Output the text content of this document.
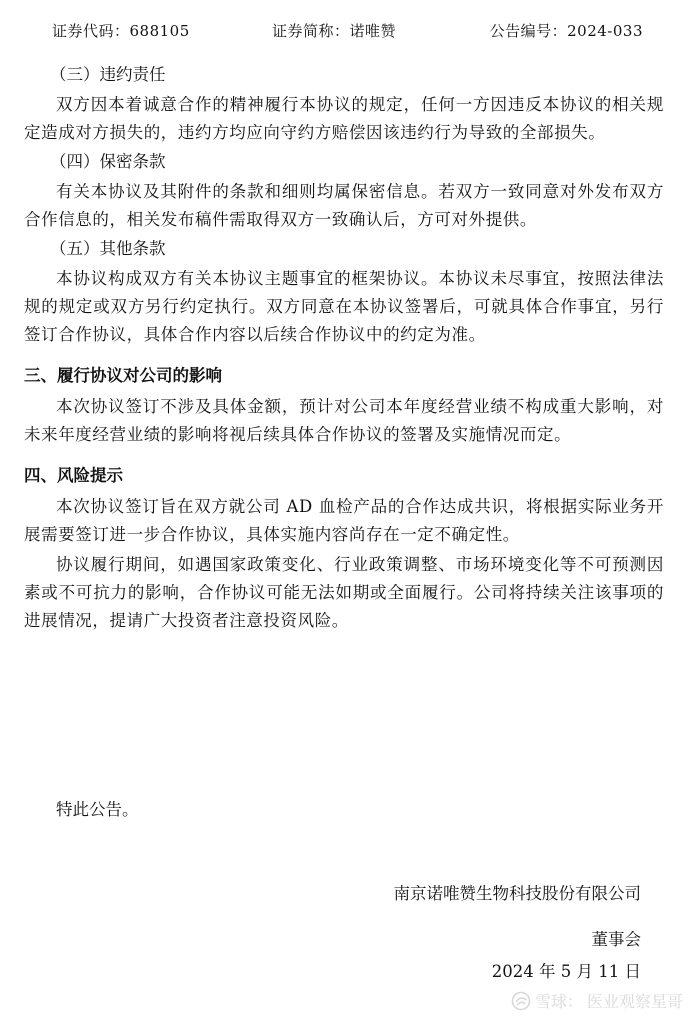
证券代码：688105	证券简称：诺唯赞	公告编号：2024-033

（三）违约责任

双方因本着诚意合作的精神履行本协议的规定，任何一方因违反本协议的相关规定造成对方损失的，违约方均应向守约方赔偿因该违约行为导致的全部损失。

（四）保密条款

有关本协议及其附件的条款和细则均属保密信息。若双方一致同意对外发布双方合作信息的，相关发布稿件需取得双方一致确认后，方可对外提供。

（五）其他条款

本协议构成双方有关本协议主题事宜的框架协议。本协议未尽事宜，按照法律法规的规定或双方另行约定执行。双方同意在本协议签署后，可就具体合作事宜，另行签订合作协议，具体合作内容以后续合作协议中的约定为准。

三、履行协议对公司的影响

本次协议签订不涉及具体金额，预计对公司本年度经营业绩不构成重大影响，对未来年度经营业绩的影响将视后续具体合作协议的签署及实施情况而定。

四、风险提示

本次协议签订旨在双方就公司 AD 血检产品的合作达成共识，将根据实际业务开展需要签订进一步合作协议，具体实施内容尚存在一定不确定性。

协议履行期间，如遇国家政策变化、行业政策调整、市场环境变化等不可预测因素或不可抗力的影响，合作协议可能无法如期或全面履行。公司将持续关注该事项的进展情况，提请广大投资者注意投资风险。

特此公告。
南京诺唯赞生物科技股份有限公司
董事会
2024 年 5 月 11 日
雪球： 医业观察星哥
